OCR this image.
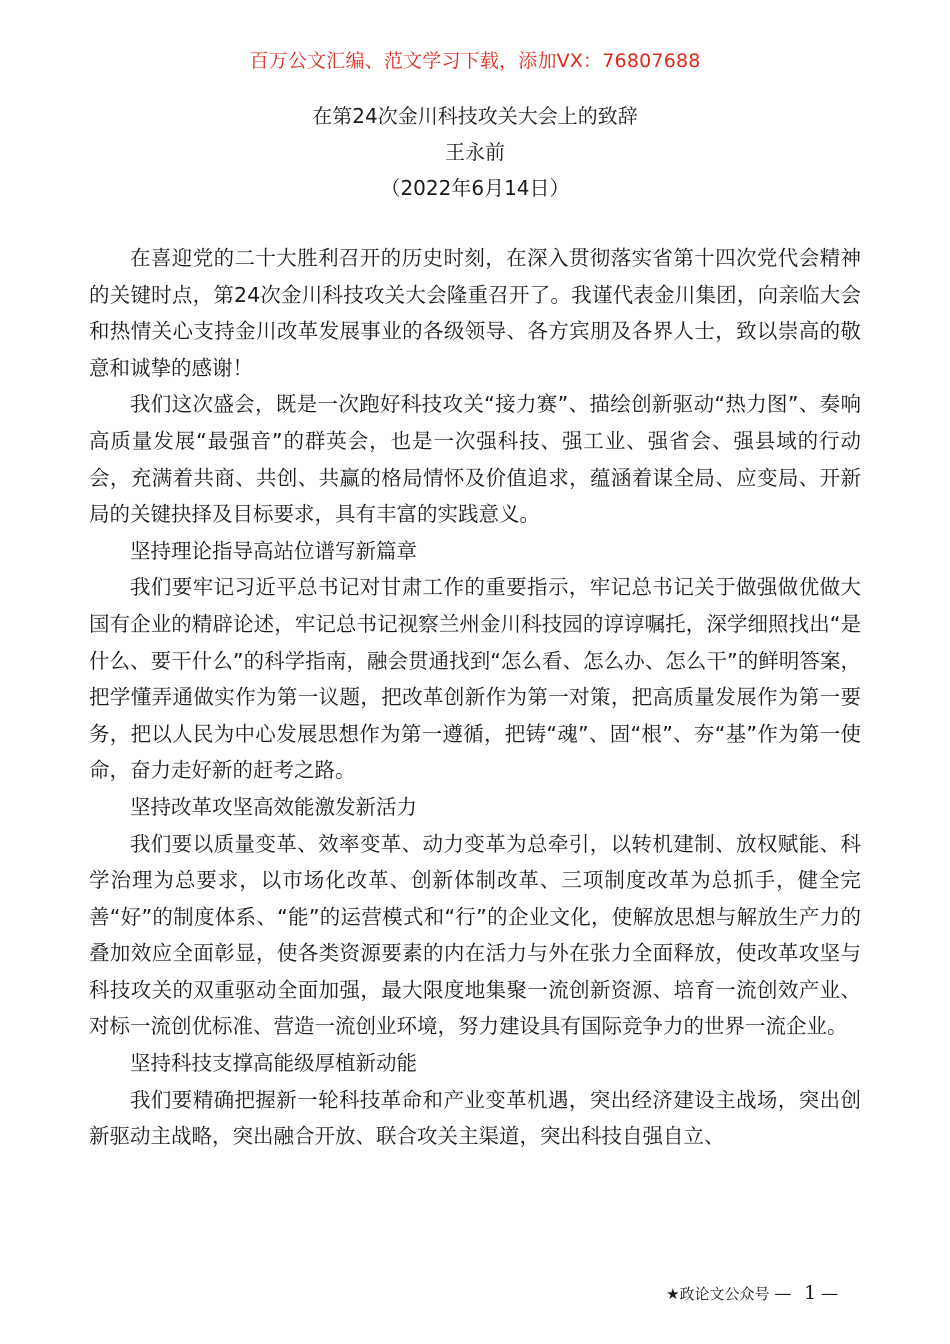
百万公文汇编、范文学习下载，添加VX：76807688
在第24次金川科技攻关大会上的致辞
王永前
（2022年6月14日）

在喜迎党的二十大胜利召开的历史时刻，在深入贯彻落实省第十四次党代会精神的关键时点，第24次金川科技攻关大会隆重召开了。我谨代表金川集团，向亲临大会和热情关心支持金川改革发展事业的各级领导、各方宾朋及各界人士，致以崇高的敬意和诚挚的感谢！

我们这次盛会，既是一次跑好科技攻关“接力赛”、描绘创新驱动“热力图”、奏响高质量发展“最强音”的群英会，也是一次强科技、强工业、强省会、强县域的行动会，充满着共商、共创、共赢的格局情怀及价值追求，蕴涵着谋全局、应变局、开新局的关键抉择及目标要求，具有丰富的实践意义。

坚持理论指导高站位谱写新篇章

我们要牢记习近平总书记对甘肃工作的重要指示，牢记总书记关于做强做优做大国有企业的精辟论述，牢记总书记视察兰州金川科技园的谆谆嘱托，深学细照找出“是什么、要干什么”的科学指南，融会贯通找到“怎么看、怎么办、怎么干”的鲜明答案，把学懂弄通做实作为第一议题，把改革创新作为第一对策，把高质量发展作为第一要务，把以人民为中心发展思想作为第一遵循，把铸“魂”、固“根”、夯“基”作为第一使命，奋力走好新的赶考之路。

坚持改革攻坚高效能激发新活力

我们要以质量变革、效率变革、动力变革为总牵引，以转机建制、放权赋能、科学治理为总要求，以市场化改革、创新体制改革、三项制度改革为总抓手，健全完善“好”的制度体系、“能”的运营模式和“行”的企业文化，使解放思想与解放生产力的叠加效应全面彰显，使各类资源要素的内在活力与外在张力全面释放，使改革攻坚与科技攻关的双重驱动全面加强，最大限度地集聚一流创新资源、培育一流创效产业、对标一流创优标准、营造一流创业环境，努力建设具有国际竞争力的世界一流企业。

坚持科技支撑高能级厚植新动能

我们要精确把握新一轮科技革命和产业变革机遇，突出经济建设主战场，突出创新驱动主战略，突出融合开放、联合攻关主渠道，突出科技自强自立、

★政论文公众号 — 1 —
